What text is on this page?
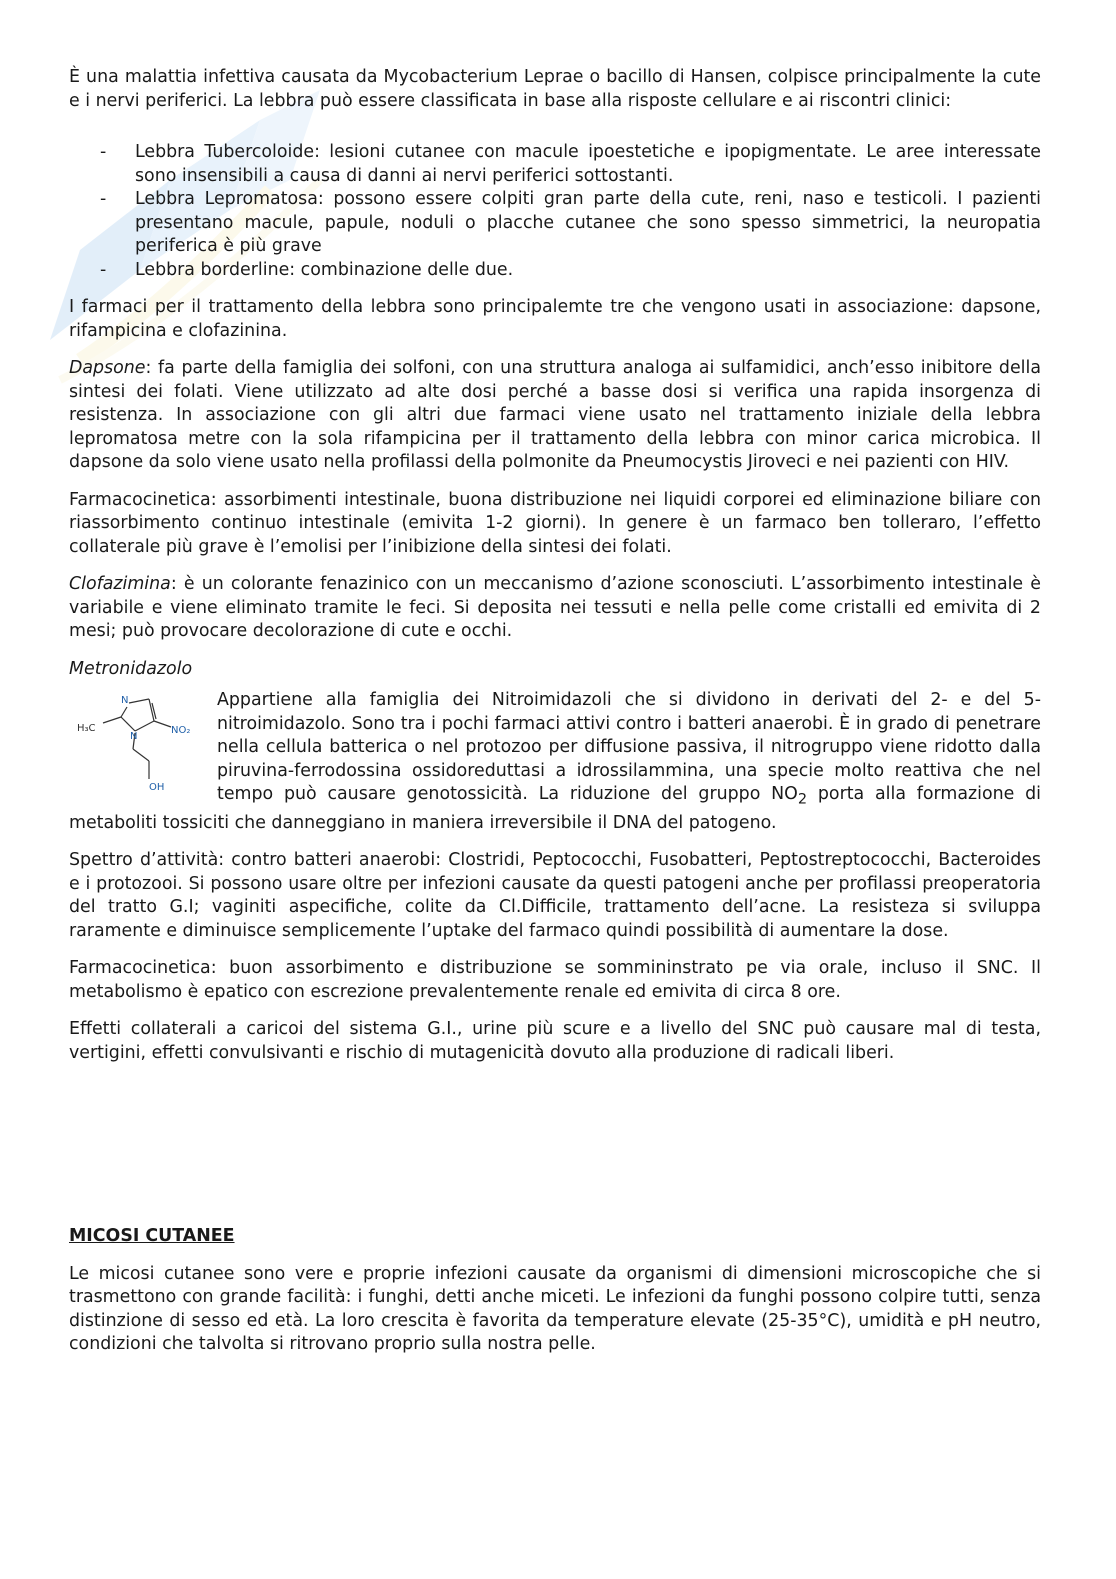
È una malattia infettiva causata da Mycobacterium Leprae o bacillo di Hansen, colpisce principalmente la cute e i nervi periferici. La lebbra può essere classificata in base alla risposte cellulare e ai riscontri clinici:

- Lebbra Tubercoloide: lesioni cutanee con macule ipoestetiche e ipopigmentate. Le aree interessate sono insensibili a causa di danni ai nervi periferici sottostanti.
- Lebbra Lepromatosa: possono essere colpiti gran parte della cute, reni, naso e testicoli. I pazienti presentano macule, papule, noduli o placche cutanee che sono spesso simmetrici, la neuropatia periferica è più grave
- Lebbra borderline: combinazione delle due.

I farmaci per il trattamento della lebbra sono principalemte tre che vengono usati in associazione: dapsone, rifampicina e clofazinina.

Dapsone: fa parte della famiglia dei solfoni, con una struttura analoga ai sulfamidici, anch’esso inibitore della sintesi dei folati. Viene utilizzato ad alte dosi perché a basse dosi si verifica una rapida insorgenza di resistenza. In associazione con gli altri due farmaci viene usato nel trattamento iniziale della lebbra lepromatosa metre con la sola rifampicina per il trattamento della lebbra con minor carica microbica. Il dapsone da solo viene usato nella profilassi della polmonite da Pneumocystis Jiroveci e nei pazienti con HIV.

Farmacocinetica: assorbimenti intestinale, buona distribuzione nei liquidi corporei ed eliminazione biliare con riassorbimento continuo intestinale (emivita 1-2 giorni). In genere è un farmaco ben tolleraro, l’effetto collaterale più grave è l’emolisi per l’inibizione della sintesi dei folati.

Clofazimina: è un colorante fenazinico con un meccanismo d’azione sconosciuti. L’assorbimento intestinale è variabile e viene eliminato tramite le feci. Si deposita nei tessuti e nella pelle come cristalli ed emivita di 2 mesi; può provocare decolorazione di cute e occhi.

Metronidazolo

N
N
H₃C	NO₂
OH

Appartiene alla famiglia dei Nitroimidazoli che si dividono in derivati del 2- e del 5-nitroimidazolo. Sono tra i pochi farmaci attivi contro i batteri anaerobi. È in grado di penetrare nella cellula batterica o nel protozoo per diffusione passiva, il nitrogruppo viene ridotto dalla piruvina-ferrodossina ossidoreduttasi a idrossilammina, una specie molto reattiva che nel tempo può causare genotossicità. La riduzione del gruppo $NO_2$ porta alla formazione di metaboliti tossiciti che danneggiano in maniera irreversibile il DNA del patogeno.

Spettro d’attività: contro batteri anaerobi: Clostridi, Peptococchi, Fusobatteri, Peptostreptococchi, Bacteroides e i protozooi. Si possono usare oltre per infezioni causate da questi patogeni anche per profilassi preoperatoria del tratto G.I; vaginiti aspecifiche, colite da Cl.Difficile, trattamento dell’acne. La resisteza si sviluppa raramente e diminuisce semplicemente l’uptake del farmaco quindi possibilità di aumentare la dose.

Farmacocinetica: buon assorbimento e distribuzione se sommininstrato pe via orale, incluso il SNC. Il metabolismo è epatico con escrezione prevalentemente renale ed emivita di circa 8 ore.

Effetti collaterali a caricoi del sistema G.I., urine più scure e a livello del SNC può causare mal di testa, vertigini, effetti convulsivanti e rischio di mutagenicità dovuto alla produzione di radicali liberi.

MICOSI CUTANEE

Le micosi cutanee sono vere e proprie infezioni causate da organismi di dimensioni microscopiche che si trasmettono con grande facilità: i funghi, detti anche miceti. Le infezioni da funghi possono colpire tutti, senza distinzione di sesso ed età. La loro crescita è favorita da temperature elevate (25-35°C), umidità e pH neutro, condizioni che talvolta si ritrovano proprio sulla nostra pelle.
